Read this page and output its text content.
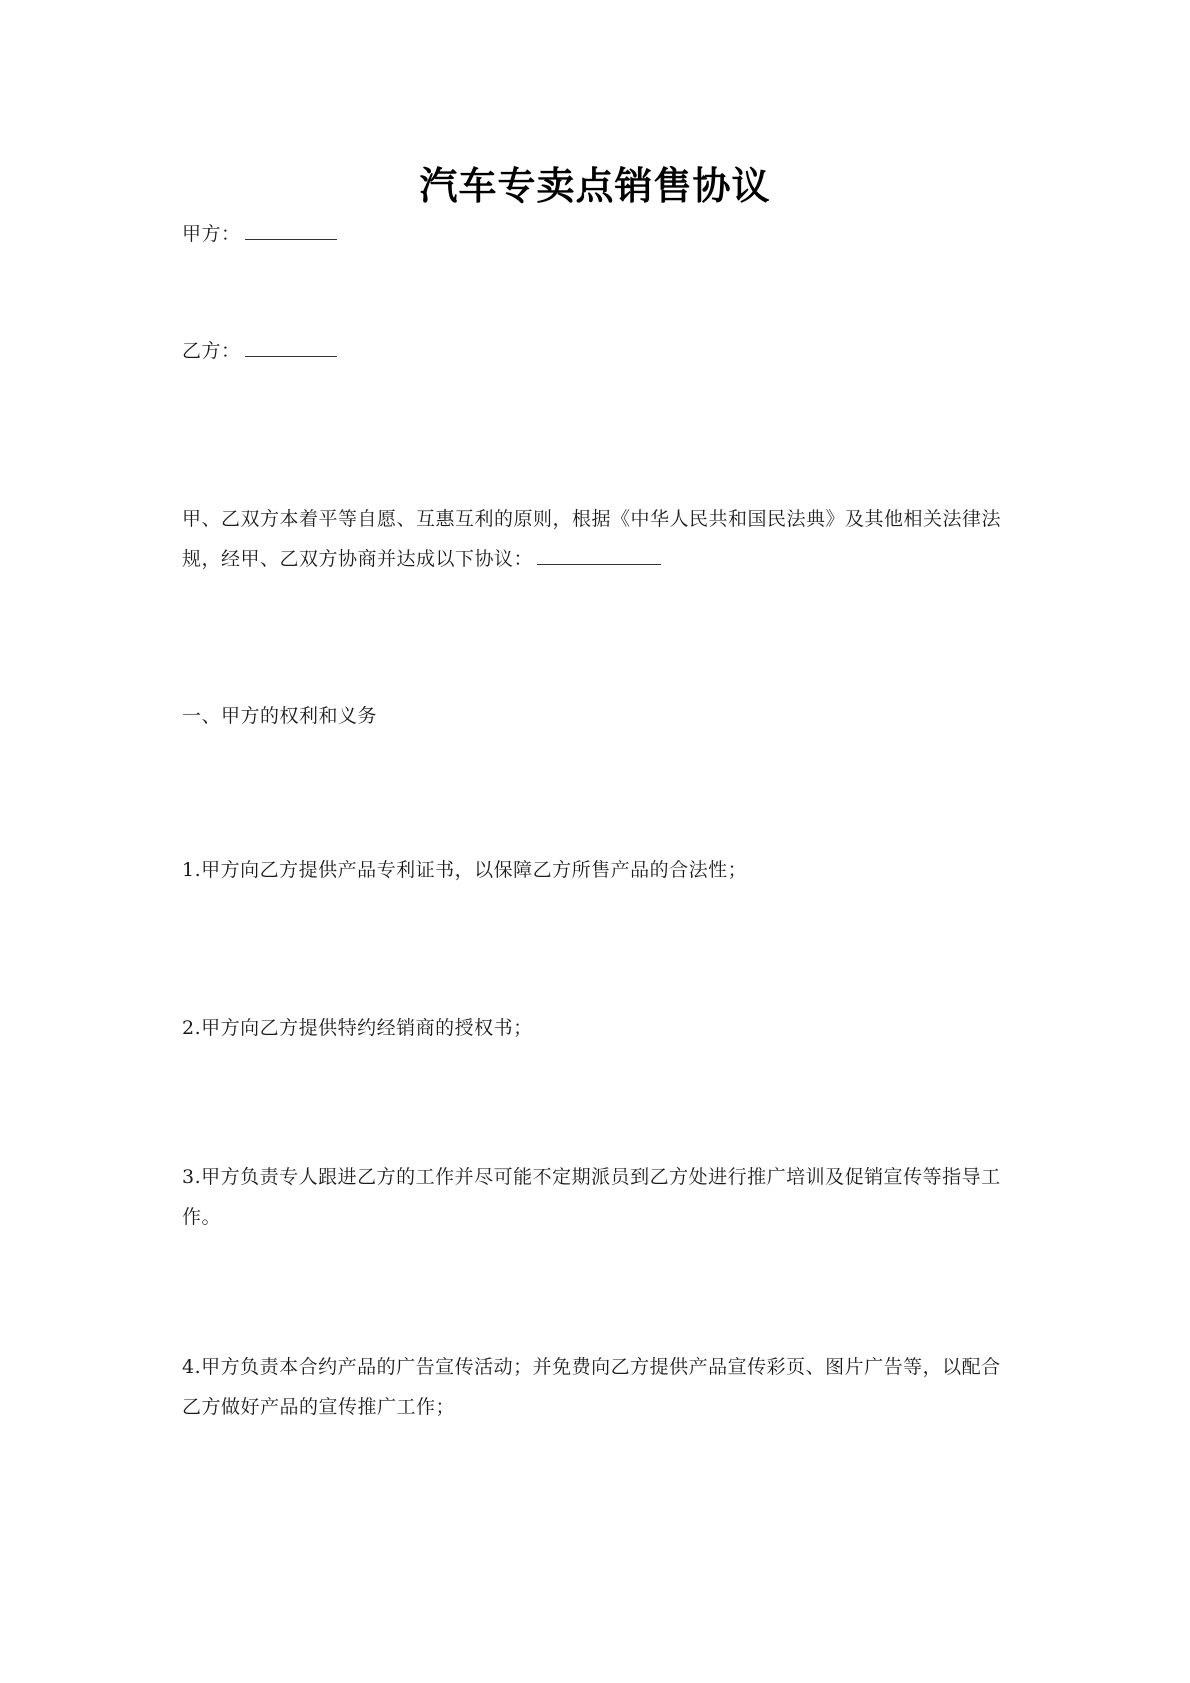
汽车专卖点销售协议
甲方：
乙方：
甲、乙双方本着平等自愿、互惠互利的原则，根据《中华人民共和国民法典》及其他相关法律法规，经甲、乙双方协商并达成以下协议：
一、甲方的权利和义务
1.甲方向乙方提供产品专利证书，以保障乙方所售产品的合法性；
2.甲方向乙方提供特约经销商的授权书；
3.甲方负责专人跟进乙方的工作并尽可能不定期派员到乙方处进行推广培训及促销宣传等指导工作。
4.甲方负责本合约产品的广告宣传活动；并免费向乙方提供产品宣传彩页、图片广告等，以配合乙方做好产品的宣传推广工作；
